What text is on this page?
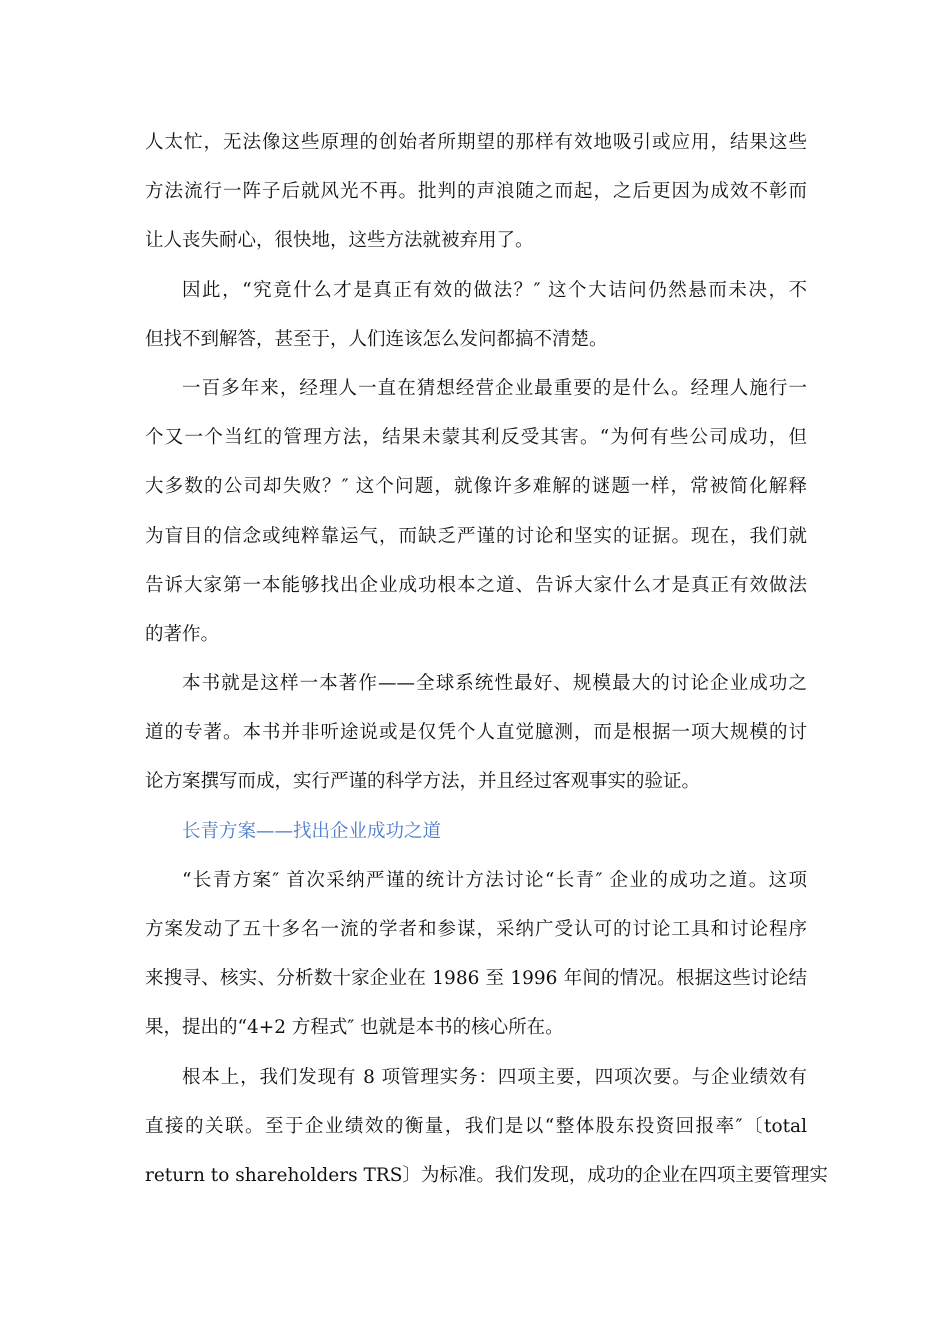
人太忙，无法像这些原理的创始者所期望的那样有效地吸引或应用，结果这些
方法流行一阵子后就风光不再。批判的声浪随之而起，之后更因为成效不彰而
让人丧失耐心，很快地，这些方法就被弃用了。
因此，“究竟什么才是真正有效的做法？″ 这个大诘问仍然悬而未决，不
但找不到解答，甚至于，人们连该怎么发问都搞不清楚。
一百多年来，经理人一直在猜想经营企业最重要的是什么。经理人施行一
个又一个当红的管理方法，结果未蒙其利反受其害。“为何有些公司成功，但
大多数的公司却失败？″ 这个问题，就像许多难解的谜题一样，常被简化解释
为盲目的信念或纯粹靠运气，而缺乏严谨的讨论和坚实的证据。现在，我们就
告诉大家第一本能够找出企业成功根本之道、告诉大家什么才是真正有效做法
的著作。
本书就是这样一本著作——全球系统性最好、规模最大的讨论企业成功之
道的专著。本书并非听途说或是仅凭个人直觉臆测，而是根据一项大规模的讨
论方案撰写而成，实行严谨的科学方法，并且经过客观事实的验证。
长青方案——找出企业成功之道
“长青方案″ 首次采纳严谨的统计方法讨论“长青″ 企业的成功之道。这项
方案发动了五十多名一流的学者和参谋，采纳广受认可的讨论工具和讨论程序
来搜寻、核实、分析数十家企业在 1986 至 1996 年间的情况。根据这些讨论结
果，提出的“4+2 方程式″ 也就是本书的核心所在。
根本上，我们发现有 8 项管理实务：四项主要，四项次要。与企业绩效有
直接的关联。至于企业绩效的衡量，我们是以“整体股东投资回报率″〔total
return to shareholders TRS〕为标准。我们发现，成功的企业在四项主要管理实
